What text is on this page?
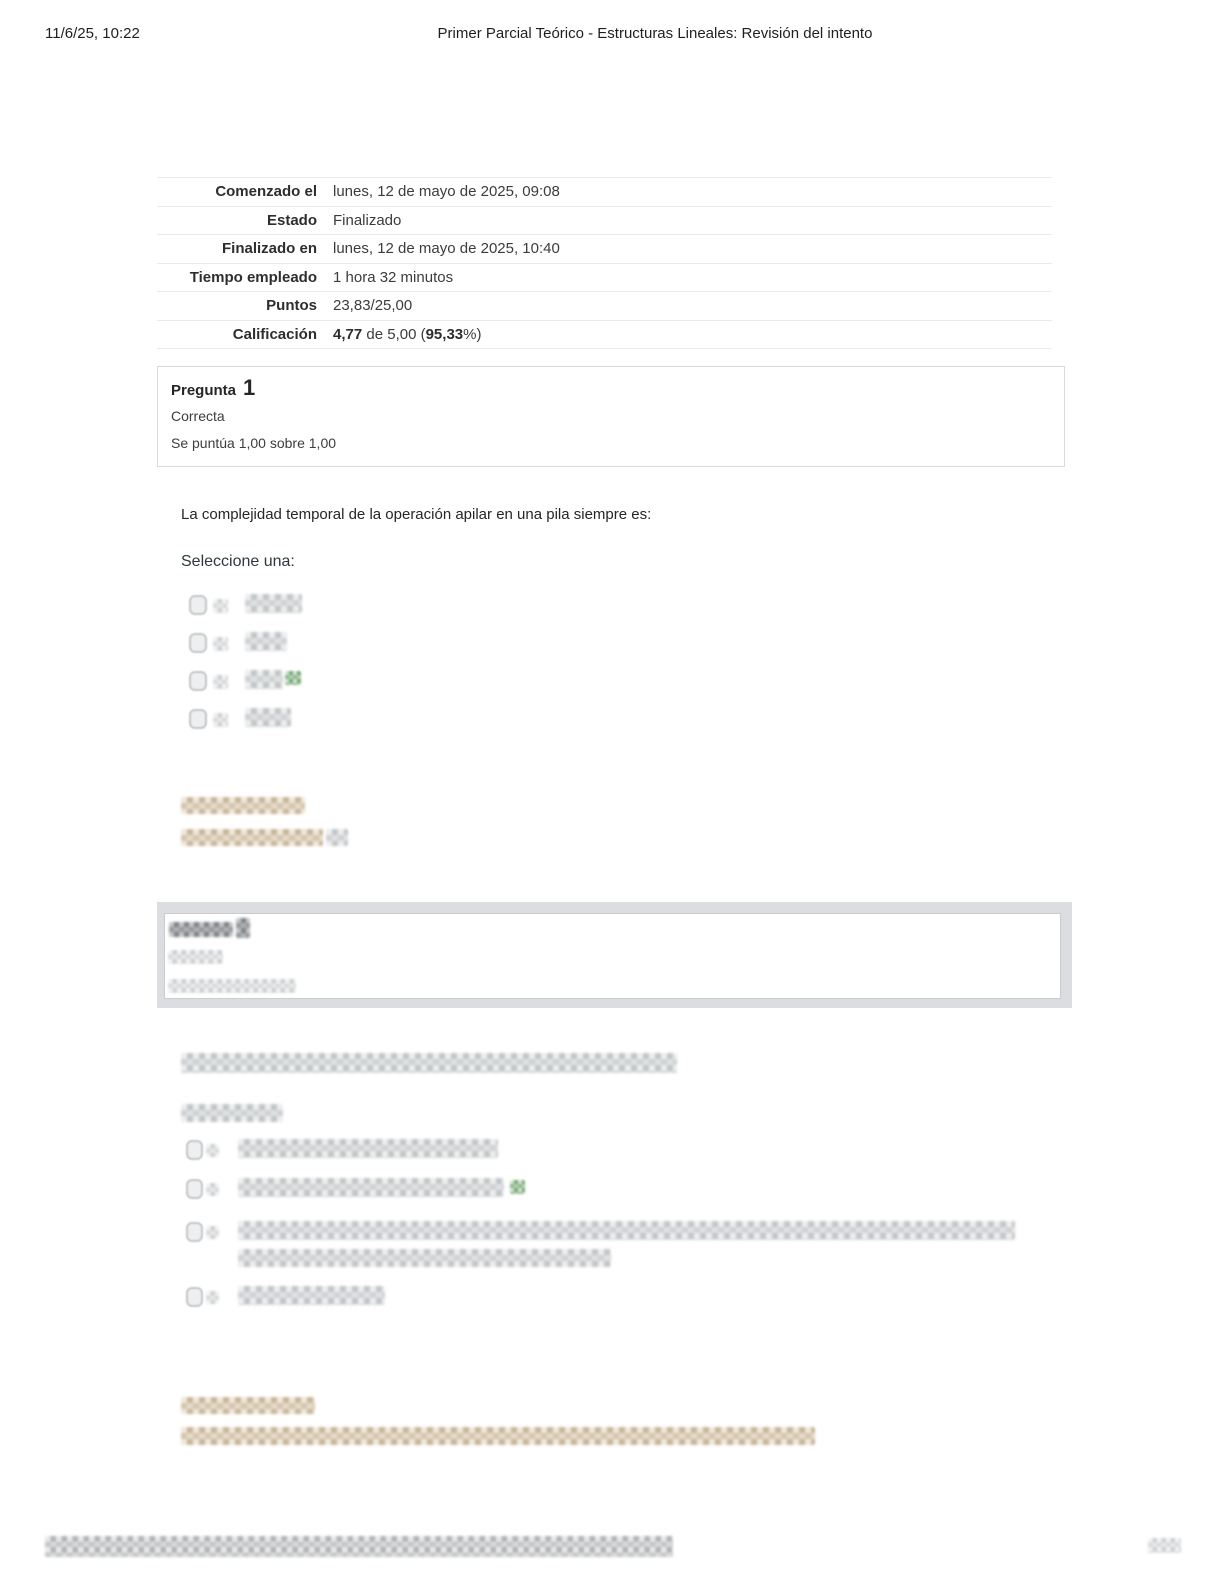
11/6/25, 10:22	Primer Parcial Teórico - Estructuras Lineales: Revisión del intento
Comenzado el	lunes, 12 de mayo de 2025, 09:08
Estado	Finalizado
Finalizado en	lunes, 12 de mayo de 2025, 10:40
Tiempo empleado	1 hora 32 minutos
Puntos	23,83/25,00
Calificación	4,77 de 5,00 (95,33%)
Pregunta 1
Correcta
Se puntúa 1,00 sobre 1,00
La complejidad temporal de la operación apilar en una pila siempre es:
Seleccione una:
